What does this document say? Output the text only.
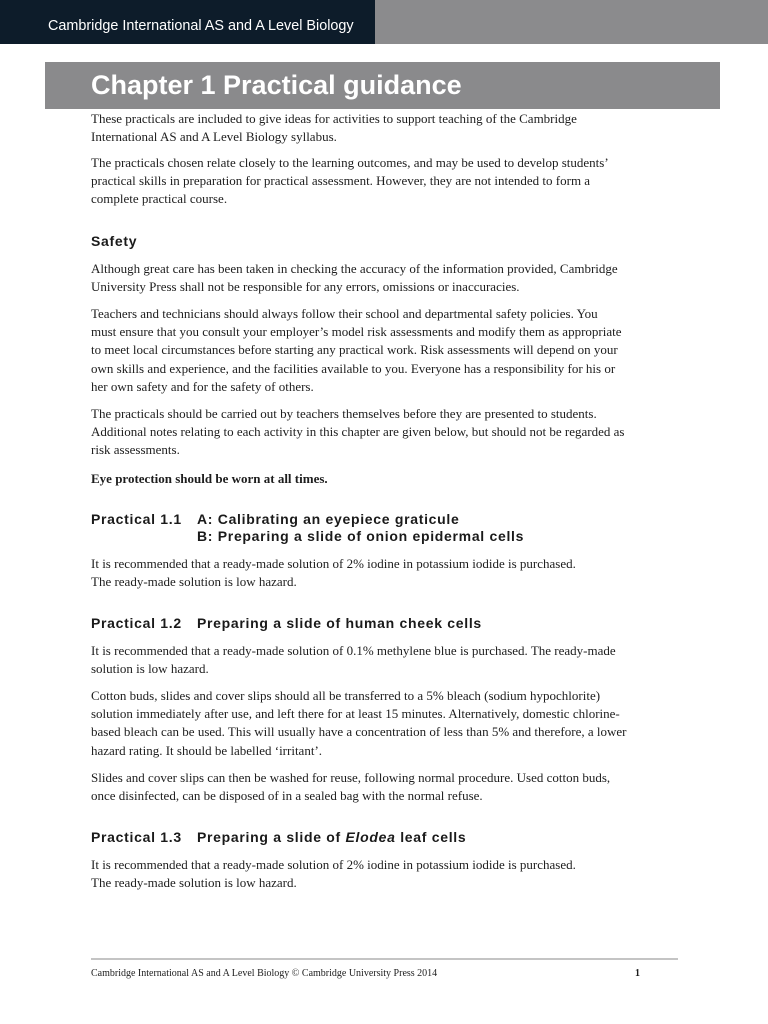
Cambridge International AS and A Level Biology
Chapter 1 Practical guidance

These practicals are included to give ideas for activities to support teaching of the Cambridge
International AS and A Level Biology syllabus.

The practicals chosen relate closely to the learning outcomes, and may be used to develop students’
practical skills in preparation for practical assessment. However, they are not intended to form a
complete practical course.

Safety

Although great care has been taken in checking the accuracy of the information provided, Cambridge
University Press shall not be responsible for any errors, omissions or inaccuracies.

Teachers and technicians should always follow their school and departmental safety policies. You
must ensure that you consult your employer’s model risk assessments and modify them as appropriate
to meet local circumstances before starting any practical work. Risk assessments will depend on your
own skills and experience, and the facilities available to you. Everyone has a responsibility for his or
her own safety and for the safety of others.

The practicals should be carried out by teachers themselves before they are presented to students.
Additional notes relating to each activity in this chapter are given below, but should not be regarded as
risk assessments.

Eye protection should be worn at all times.

Practical 1.1	A: Calibrating an eyepiece graticule
B: Preparing a slide of onion epidermal cells

It is recommended that a ready-made solution of 2% iodine in potassium iodide is purchased.
The ready-made solution is low hazard.

Practical 1.2	Preparing a slide of human cheek cells

It is recommended that a ready-made solution of 0.1% methylene blue is purchased. The ready-made
solution is low hazard.

Cotton buds, slides and cover slips should all be transferred to a 5% bleach (sodium hypochlorite)
solution immediately after use, and left there for at least 15 minutes. Alternatively, domestic chlorine-
based bleach can be used. This will usually have a concentration of less than 5% and therefore, a lower
hazard rating. It should be labelled ‘irritant’.

Slides and cover slips can then be washed for reuse, following normal procedure. Used cotton buds,
once disinfected, can be disposed of in a sealed bag with the normal refuse.

Practical 1.3	Preparing a slide of Elodea leaf cells

It is recommended that a ready-made solution of 2% iodine in potassium iodide is purchased.
The ready-made solution is low hazard.

Cambridge International AS and A Level Biology © Cambridge University Press 2014	1
